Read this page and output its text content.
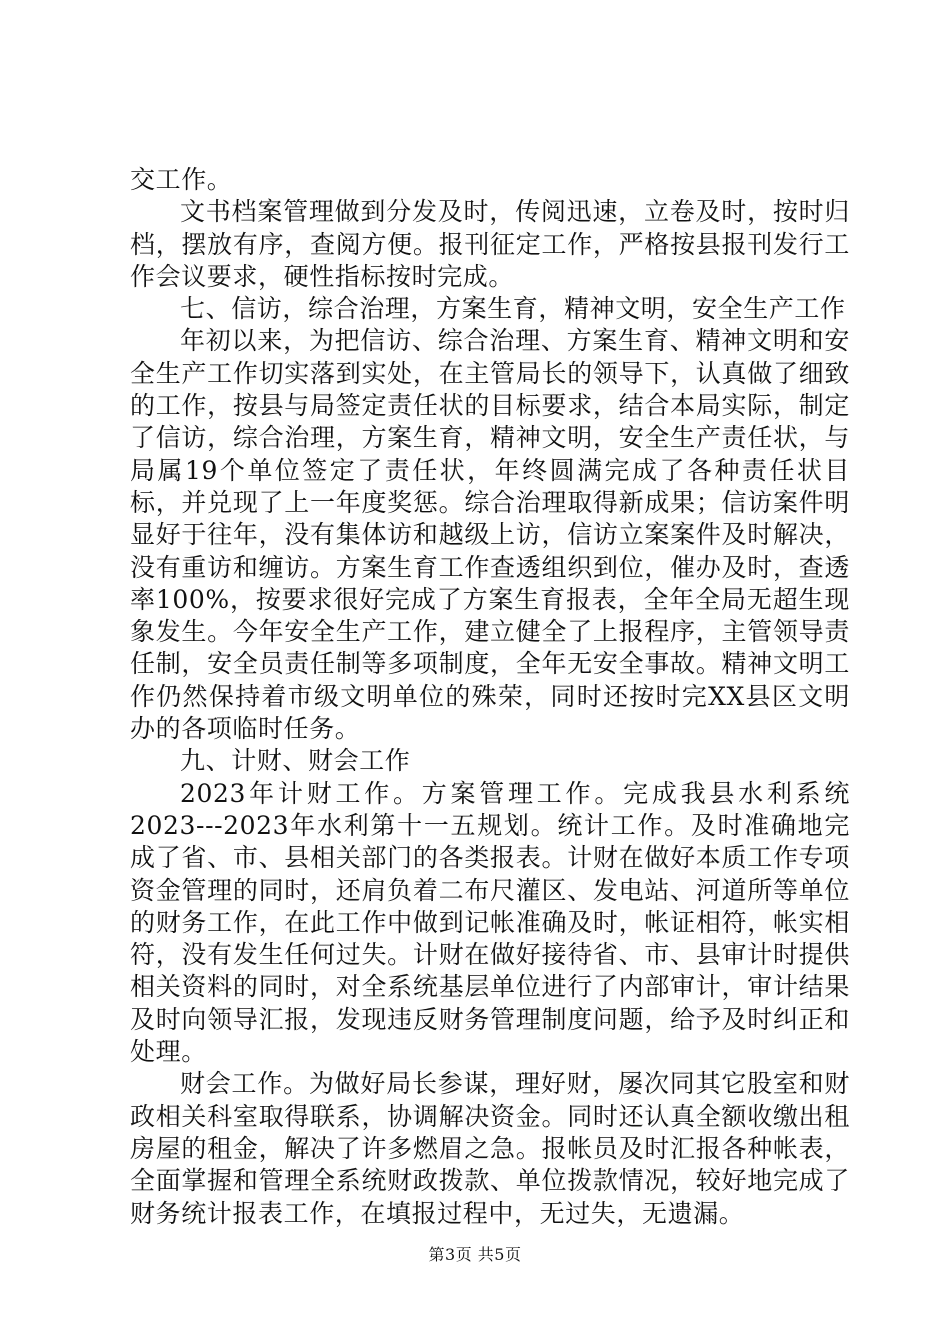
交工作。

文书档案管理做到分发及时，传阅迅速，立卷及时，按时归档，摆放有序，查阅方便。报刊征定工作，严格按县报刊发行工作会议要求，硬性指标按时完成。

七、信访，综合治理，方案生育，精神文明，安全生产工作

年初以来，为把信访、综合治理、方案生育、精神文明和安全生产工作切实落到实处，在主管局长的领导下，认真做了细致的工作，按县与局签定责任状的目标要求，结合本局实际，制定了信访，综合治理，方案生育，精神文明，安全生产责任状，与局属19个单位签定了责任状，年终圆满完成了各种责任状目标，并兑现了上一年度奖惩。综合治理取得新成果；信访案件明显好于往年，没有集体访和越级上访，信访立案案件及时解决，没有重访和缠访。方案生育工作查透组织到位，催办及时，查透率100%，按要求很好完成了方案生育报表，全年全局无超生现象发生。今年安全生产工作，建立健全了上报程序，主管领导责任制，安全员责任制等多项制度，全年无安全事故。精神文明工作仍然保持着市级文明单位的殊荣，同时还按时完XX县区文明办的各项临时任务。

九、计财、财会工作

2023年计财工作。方案管理工作。完成我县水利系统2023---2023年水利第十一五规划。统计工作。及时准确地完成了省、市、县相关部门的各类报表。计财在做好本质工作专项资金管理的同时，还肩负着二布尺灌区、发电站、河道所等单位的财务工作，在此工作中做到记帐准确及时，帐证相符，帐实相符，没有发生任何过失。计财在做好接待省、市、县审计时提供相关资料的同时，对全系统基层单位进行了内部审计，审计结果及时向领导汇报，发现违反财务管理制度问题，给予及时纠正和处理。

财会工作。为做好局长参谋，理好财，屡次同其它股室和财政相关科室取得联系，协调解决资金。同时还认真全额收缴出租房屋的租金，解决了许多燃眉之急。报帐员及时汇报各种帐表，全面掌握和管理全系统财政拨款、单位拨款情况，较好地完成了财务统计报表工作，在填报过程中，无过失，无遗漏。

第3页 共5页
